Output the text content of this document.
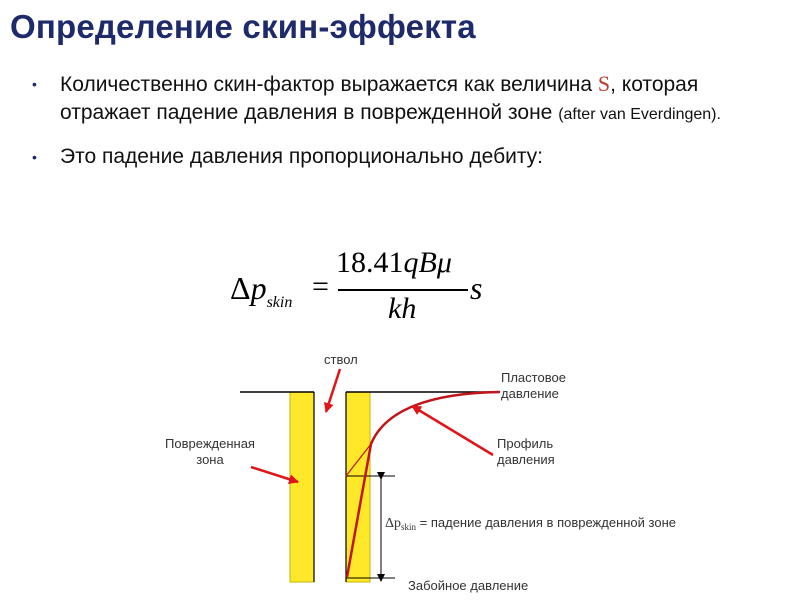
Определение скин-эффекта
• Количественно скин-фактор выражается как величина S, которая отражает падение давления в поврежденной зоне (after van Everdingen).
• Это падение давления пропорционально дебиту:
$\Delta p_{skin}$ =
18.41qBμ
kh
s
ствол
Поврежденная
зона
Пластовое
давление
Профиль
давления
$\Delta p_{skin}$ = падение давления в поврежденной зоне
Забойное давление
